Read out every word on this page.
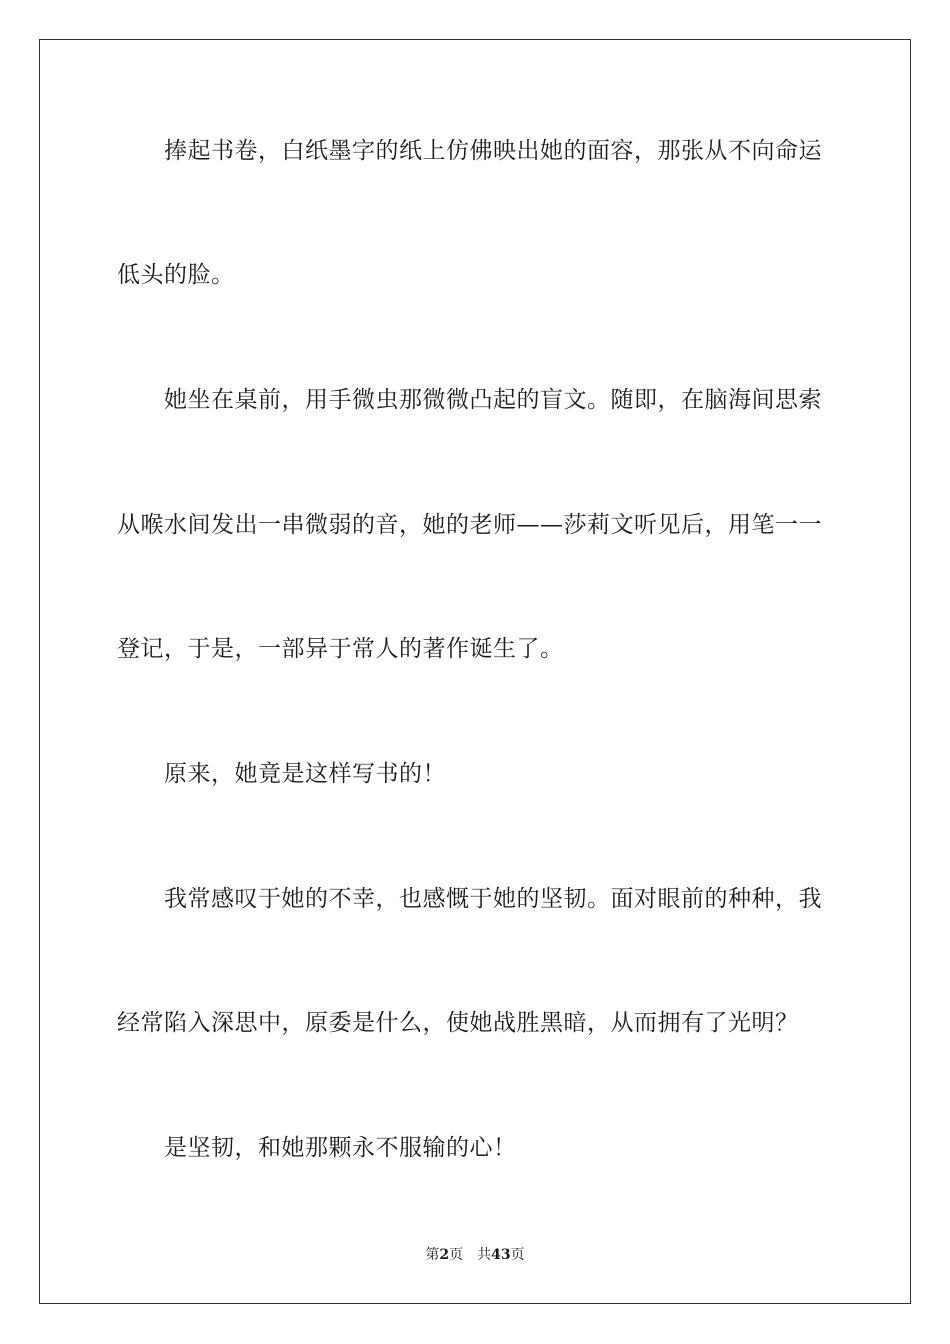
捧起书卷，白纸墨字的纸上仿佛映出她的面容，那张从不向命运
低头的脸。
她坐在桌前，用手微虫那微微凸起的盲文。随即，在脑海间思索
从喉水间发出一串微弱的音，她的老师——莎莉文听见后，用笔一一
登记，于是，一部异于常人的著作诞生了。
原来，她竟是这样写书的！
我常感叹于她的不幸，也感慨于她的坚韧。面对眼前的种种，我
经常陷入深思中，原委是什么，使她战胜黑暗，从而拥有了光明？
是坚韧，和她那颗永不服输的心！
第2页 共43页
